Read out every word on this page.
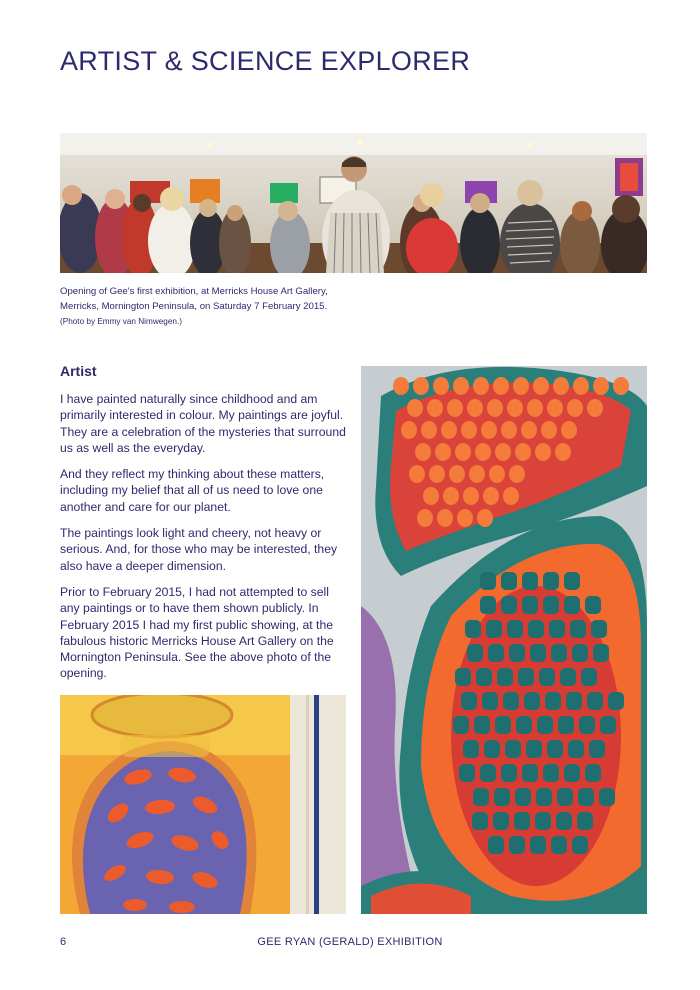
ARTIST & SCIENCE EXPLORER
Opening of Gee's first exhibition, at Merricks House Art Gallery,
Merricks, Mornington Peninsula, on Saturday 7 February 2015.
(Photo by Emmy van Nimwegen.)
Artist

I have painted naturally since childhood and am primarily interested in colour. My paintings are joyful. They are a celebration of the mysteries that surround us as well as the everyday.

And they reflect my thinking about these matters, including my belief that all of us need to love one another and care for our planet.

The paintings look light and cheery, not heavy or serious. And, for those who may be interested, they also have a deeper dimension.

Prior to February 2015, I had not attempted to sell any paintings or to have them shown publicly. In February 2015 I had my first public showing, at the fabulous historic Merricks House Art Gallery on the Mornington Peninsula. See the above photo of the opening.

6	GEE RYAN (GERALD) EXHIBITION
